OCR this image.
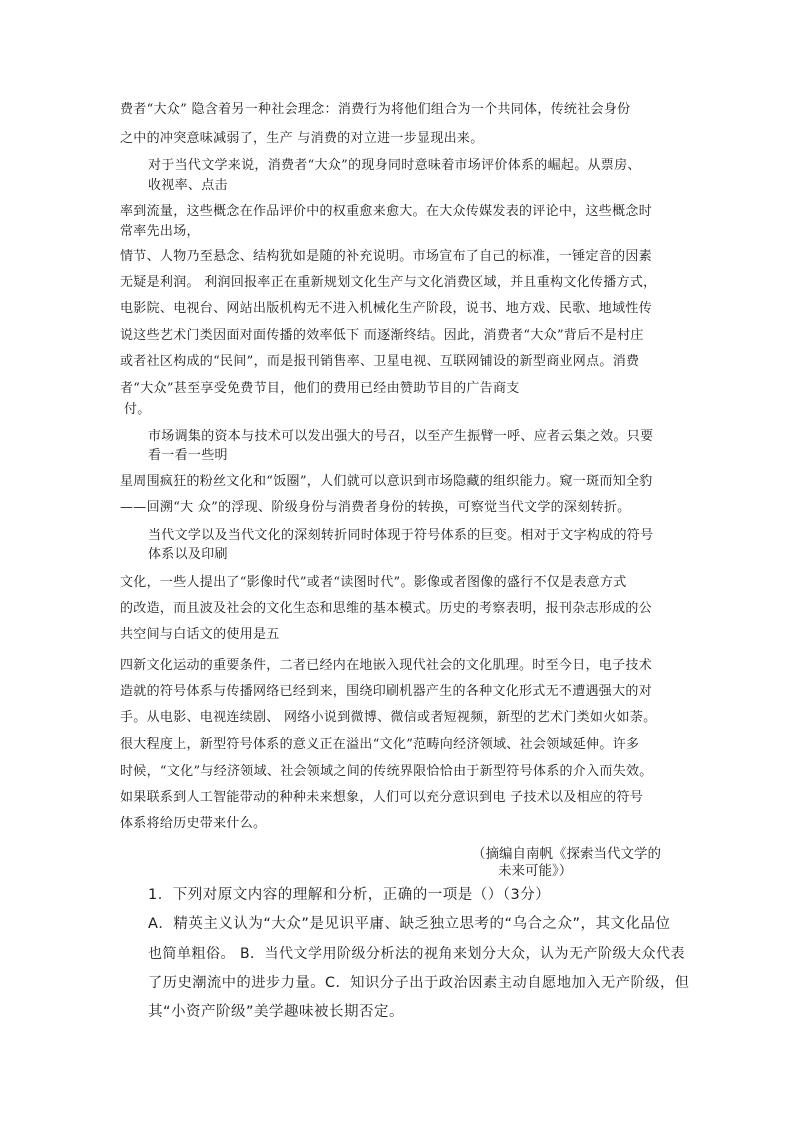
费者“大众” 隐含着另一种社会理念：消费行为将他们组合为一个共同体，传统社会身份
之中的冲突意味减弱了，生产 与消费的对立进一步显现出来。
对于当代文学来说，消费者“大众”的现身同时意味着市场评价体系的崛起。从票房、
收视率、点击
率到流量，这些概念在作品评价中的权重愈来愈大。在大众传媒发表的评论中，这些概念时
常率先出场，
情节、人物乃至悬念、结构犹如是随的补充说明。市场宣布了自己的标准，一锤定音的因素
无疑是利润。 利润回报率正在重新规划文化生产与文化消费区域，并且重构文化传播方式，
电影院、电视台、网站出版机构无不进入机械化生产阶段，说书、地方戏、民歌、地域性传
说这些艺术门类因面对面传播的效率低下 而逐渐终结。因此，消费者“大众”背后不是村庄
或者社区构成的“民间”，而是报刊销售率、卫星电视、互联网铺设的新型商业网点。消费
者“大众”甚至享受免费节目，他们的费用已经由赞助节目的广告商支
付。
市场调集的资本与技术可以发出强大的号召，以至产生振臂一呼、应者云集之效。只要
看一看一些明
星周围疯狂的粉丝文化和“饭圈”，人们就可以意识到市场隐藏的组织能力。窥一斑而知全豹
——回溯“大 众”的浮现、阶级身份与消费者身份的转换，可察觉当代文学的深刻转折。
当代文学以及当代文化的深刻转折同时体现于符号体系的巨变。相对于文字构成的符号
体系以及印刷
文化，一些人提出了“影像时代”或者“读图时代”。影像或者图像的盛行不仅是表意方式
的改造，而且波及社会的文化生态和思维的基本模式。历史的考察表明，报刊杂志形成的公
共空间与白话文的使用是五
四新文化运动的重要条件，二者已经内在地嵌入现代社会的文化肌理。时至今日，电子技术
造就的符号体系与传播网络已经到来，围绕印刷机器产生的各种文化形式无不遭遇强大的对
手。从电影、电视连续剧、 网络小说到微博、微信或者短视频，新型的艺术门类如火如荼。
很大程度上，新型符号体系的意义正在溢出“文化”范畴向经济领域、社会领域延伸。许多
时候，“文化”与经济领域、社会领域之间的传统界限恰恰由于新型符号体系的介入而失效。
如果联系到人工智能带动的种种未来想象，人们可以充分意识到电 子技术以及相应的符号
体系将给历史带来什么。
（摘编自南帆《探索当代文学的
未来可能》）
1．下列对原文内容的理解和分析，正确的一项是（）（3分）
A．精英主义认为“大众”是见识平庸、缺乏独立思考的“乌合之众”，其文化品位
也简单粗俗。 B．当代文学用阶级分析法的视角来划分大众，认为无产阶级大众代表
了历史潮流中的进步力量。C．知识分子出于政治因素主动自愿地加入无产阶级，但
其“小资产阶级”美学趣味被长期否定。
